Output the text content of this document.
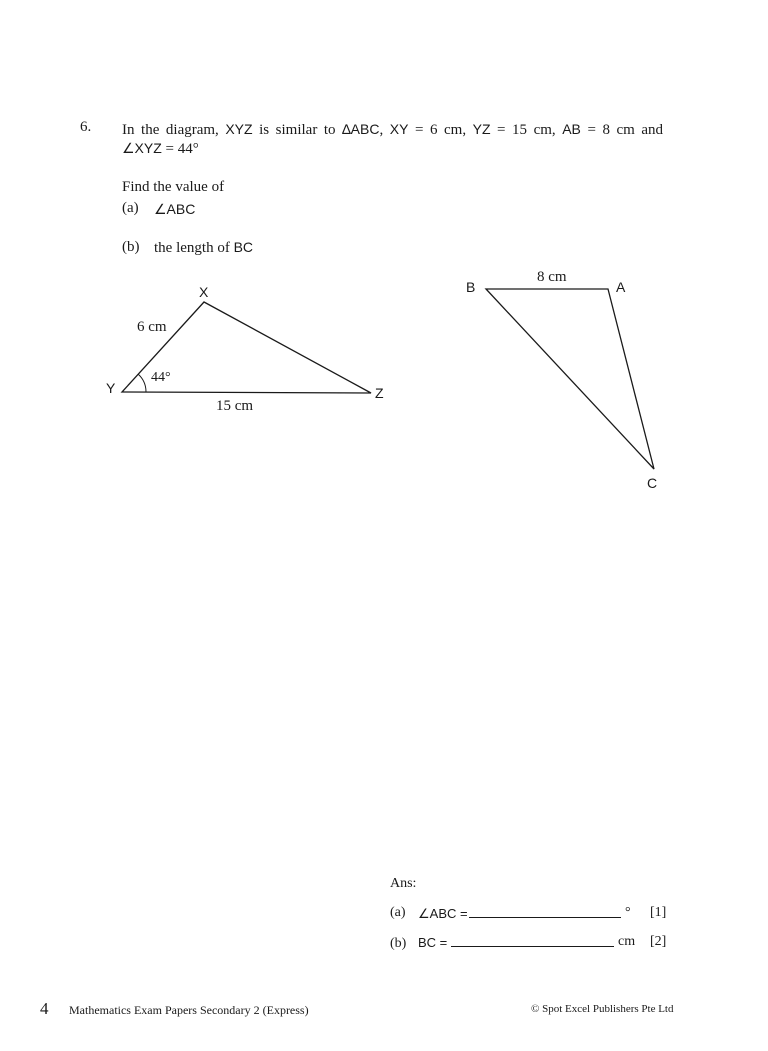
6. In the diagram, XYZ is similar to ∆ABC, XY = 6 cm, YZ = 15 cm, AB = 8 cm and
∠XYZ = 44°
Find the value of
(a) ∠ABC
(b) the length of BC
X
Y	Z
6 cm
15 cm
44°
B	A
C
8 cm
Ans:
(a) ∠ABC =	° [1]
(b) BC =	cm [2]
4 Mathematics Exam Papers Secondary 2 (Express)	© Spot Excel Publishers Pte Ltd
